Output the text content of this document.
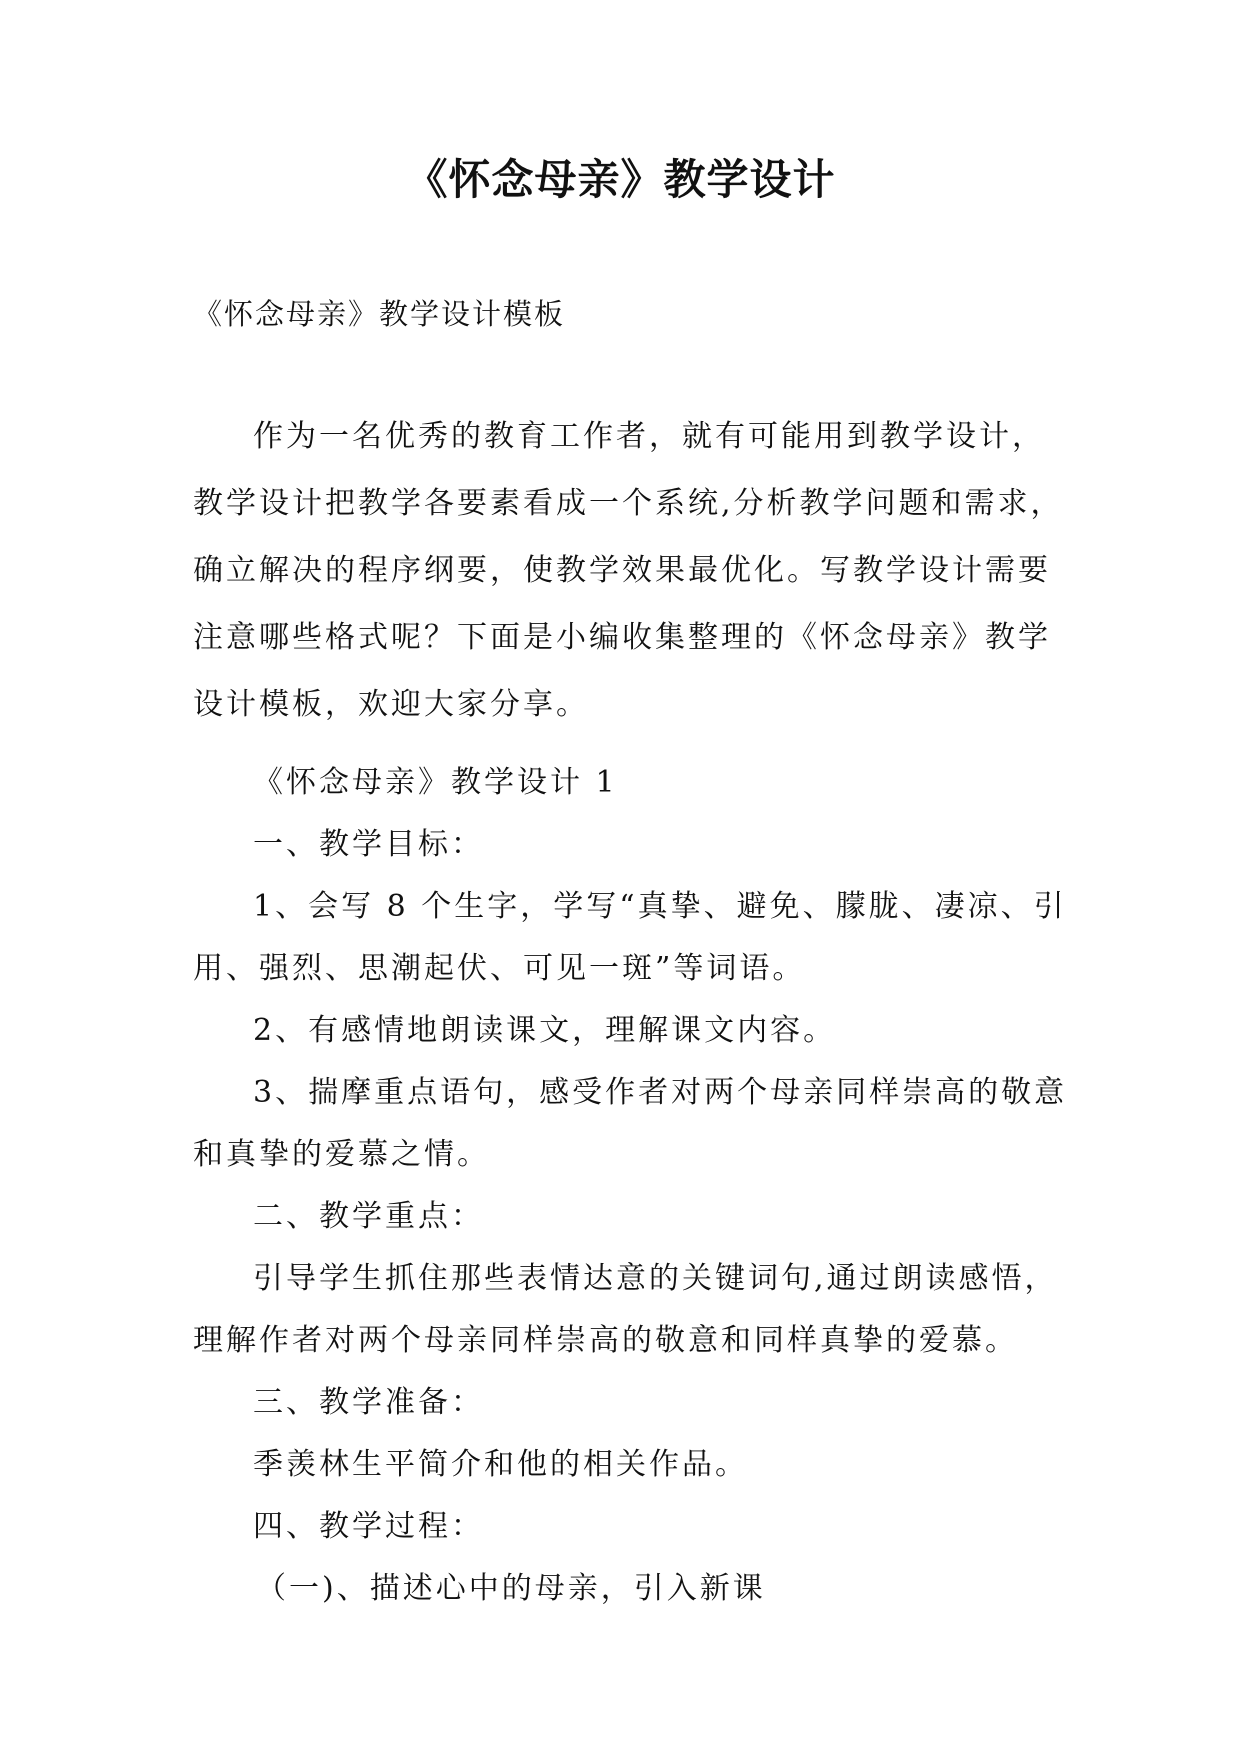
《怀念母亲》教学设计

《怀念母亲》教学设计模板

作为一名优秀的教育工作者，就有可能用到教学设计，教学设计把教学各要素看成一个系统,分析教学问题和需求，确立解决的程序纲要，使教学效果最优化。写教学设计需要注意哪些格式呢？下面是小编收集整理的《怀念母亲》教学设计模板，欢迎大家分享。

《怀念母亲》教学设计 1

一、教学目标：

1、会写 8 个生字，学写“真挚、避免、朦胧、凄凉、引用、强烈、思潮起伏、可见一斑”等词语。

2、有感情地朗读课文，理解课文内容。

3、揣摩重点语句，感受作者对两个母亲同样崇高的敬意和真挚的爱慕之情。

二、教学重点：

引导学生抓住那些表情达意的关键词句,通过朗读感悟，理解作者对两个母亲同样崇高的敬意和同样真挚的爱慕。

三、教学准备：

季羡林生平简介和他的相关作品。

四、教学过程：

（一)、描述心中的母亲，引入新课
